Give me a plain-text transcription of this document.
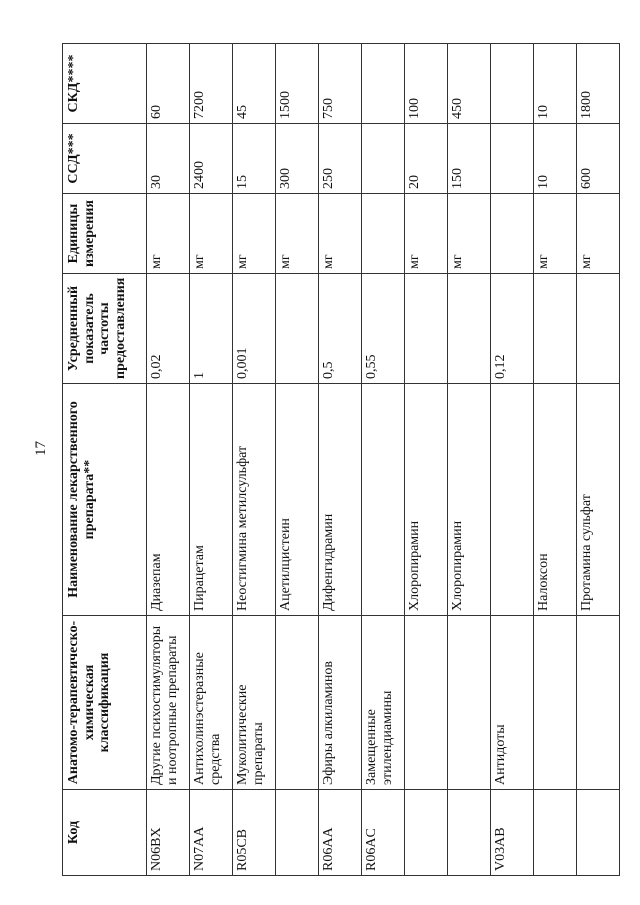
17
Код	Анатомо-терапевтическо-химическая классификация	Наименование лекарственного препарата**	Усредненный показатель частоты предоставления	Единицы измерения	ССД***	СКД****
N06BX	Другие психостимуляторы и ноотропные препараты	Диазепам	0,02	мг	30	60
N07AA	Антихолинэстеразные средства	Пирацетам	1	мг	2400	7200
R05CB	Муколитические препараты	Неостигмина метилсульфат	0,001	мг	15	45
		Ацетилцистеин		мг	300	1500
R06AA	Эфиры алкиламинов	Дифенгидрамин	0,5	мг	250	750
R06AC	Замещенные этилендиамины		0,55			
		Хлоропирамин		мг	20	100
		Хлоропирамин		мг	150	450
V03AB	Антидоты		0,12			
		Налоксон		мг	10	10
		Протамина сульфат		мг	600	1800
